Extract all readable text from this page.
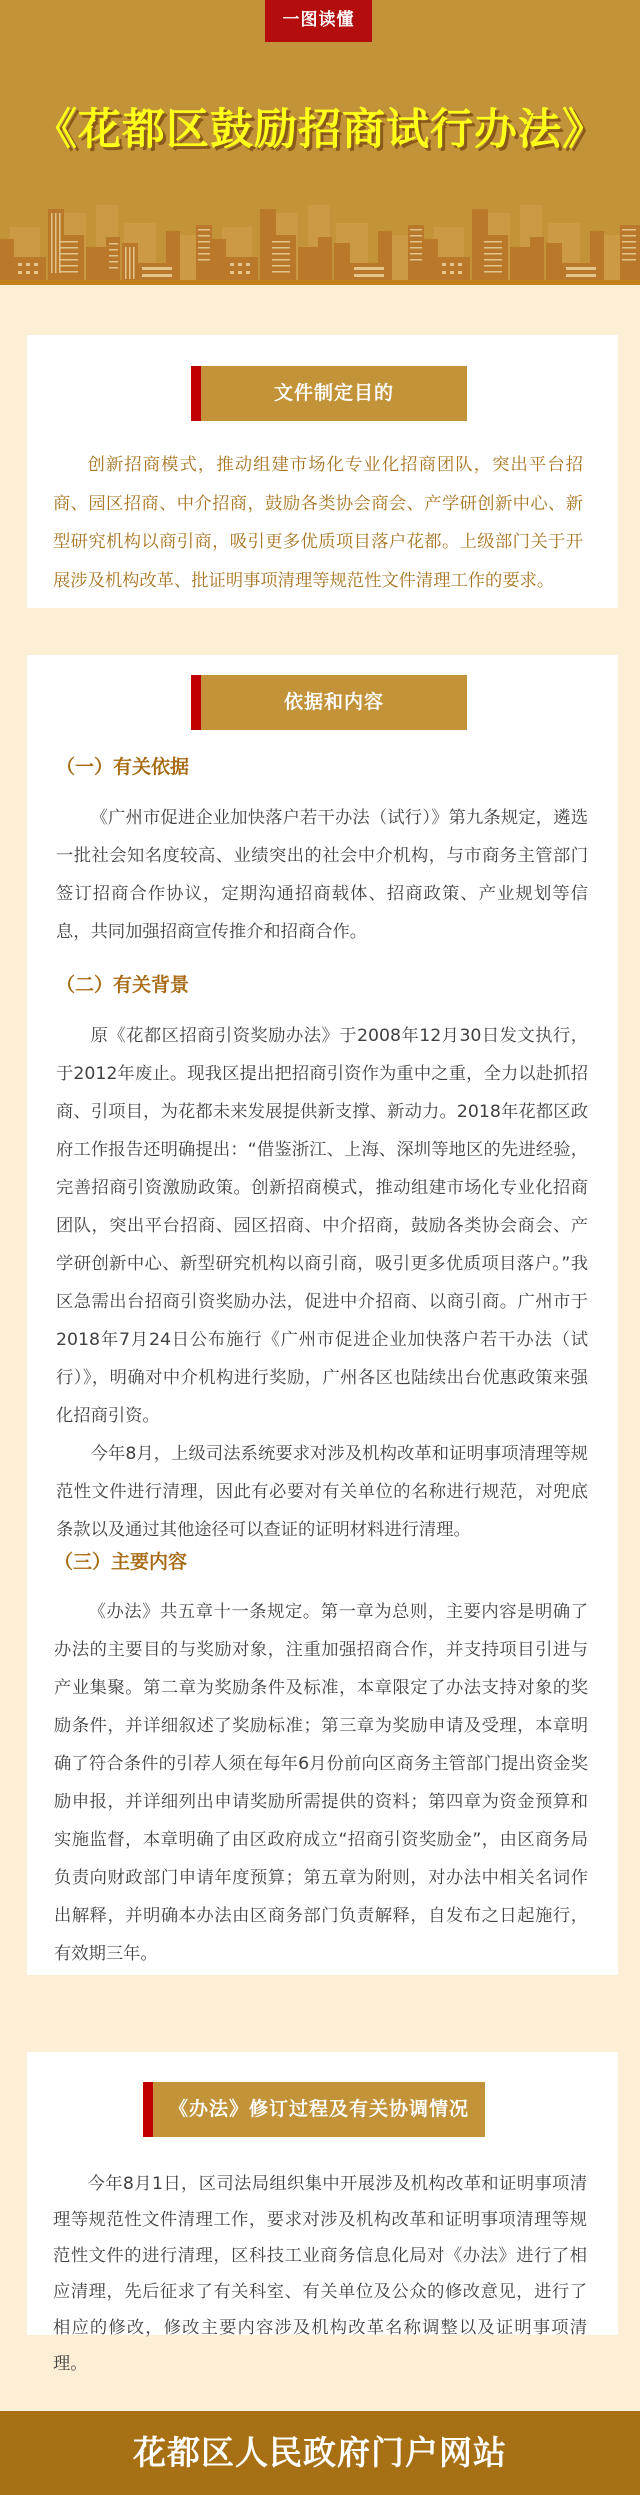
一图读懂
《花都区鼓励招商试行办法》
文件制定目的

创新招商模式，推动组建市场化专业化招商团队，突出平台招商、园区招商、中介招商，鼓励各类协会商会、产学研创新中心、新型研究机构以商引商，吸引更多优质项目落户花都。上级部门关于开展涉及机构改革、批证明事项清理等规范性文件清理工作的要求。

依据和内容
（一）有关依据

《广州市促进企业加快落户若干办法（试行）》第九条规定，遴选一批社会知名度较高、业绩突出的社会中介机构，与市商务主管部门签订招商合作协议，定期沟通招商载体、招商政策、产业规划等信息，共同加强招商宣传推介和招商合作。

（二）有关背景

原《花都区招商引资奖励办法》于2008年12月30日发文执行，于2012年废止。现我区提出把招商引资作为重中之重，全力以赴抓招商、引项目，为花都未来发展提供新支撑、新动力。2018年花都区政府工作报告还明确提出：“借鉴浙江、上海、深圳等地区的先进经验，完善招商引资激励政策。创新招商模式，推动组建市场化专业化招商团队，突出平台招商、园区招商、中介招商，鼓励各类协会商会、产学研创新中心、新型研究机构以商引商，吸引更多优质项目落户。”我区急需出台招商引资奖励办法，促进中介招商、以商引商。广州市于2018年7月24日公布施行《广州市促进企业加快落户若干办法（试行）》，明确对中介机构进行奖励，广州各区也陆续出台优惠政策来强化招商引资。

今年8月，上级司法系统要求对涉及机构改革和证明事项清理等规范性文件进行清理，因此有必要对有关单位的名称进行规范，对兜底条款以及通过其他途径可以查证的证明材料进行清理。

（三）主要内容

《办法》共五章十一条规定。第一章为总则，主要内容是明确了办法的主要目的与奖励对象，注重加强招商合作，并支持项目引进与产业集聚。第二章为奖励条件及标准，本章限定了办法支持对象的奖励条件，并详细叙述了奖励标准；第三章为奖励申请及受理，本章明确了符合条件的引荐人须在每年6月份前向区商务主管部门提出资金奖励申报，并详细列出申请奖励所需提供的资料；第四章为资金预算和实施监督，本章明确了由区政府成立“招商引资奖励金”，由区商务局负责向财政部门申请年度预算；第五章为附则，对办法中相关名词作出解释，并明确本办法由区商务部门负责解释，自发布之日起施行，有效期三年。

《办法》修订过程及有关协调情况

今年8月1日，区司法局组织集中开展涉及机构改革和证明事项清理等规范性文件清理工作，要求对涉及机构改革和证明事项清理等规范性文件的进行清理，区科技工业商务信息化局对《办法》进行了相应清理，先后征求了有关科室、有关单位及公众的修改意见，进行了相应的修改，修改主要内容涉及机构改革名称调整以及证明事项清理。

花都区人民政府门户网站
